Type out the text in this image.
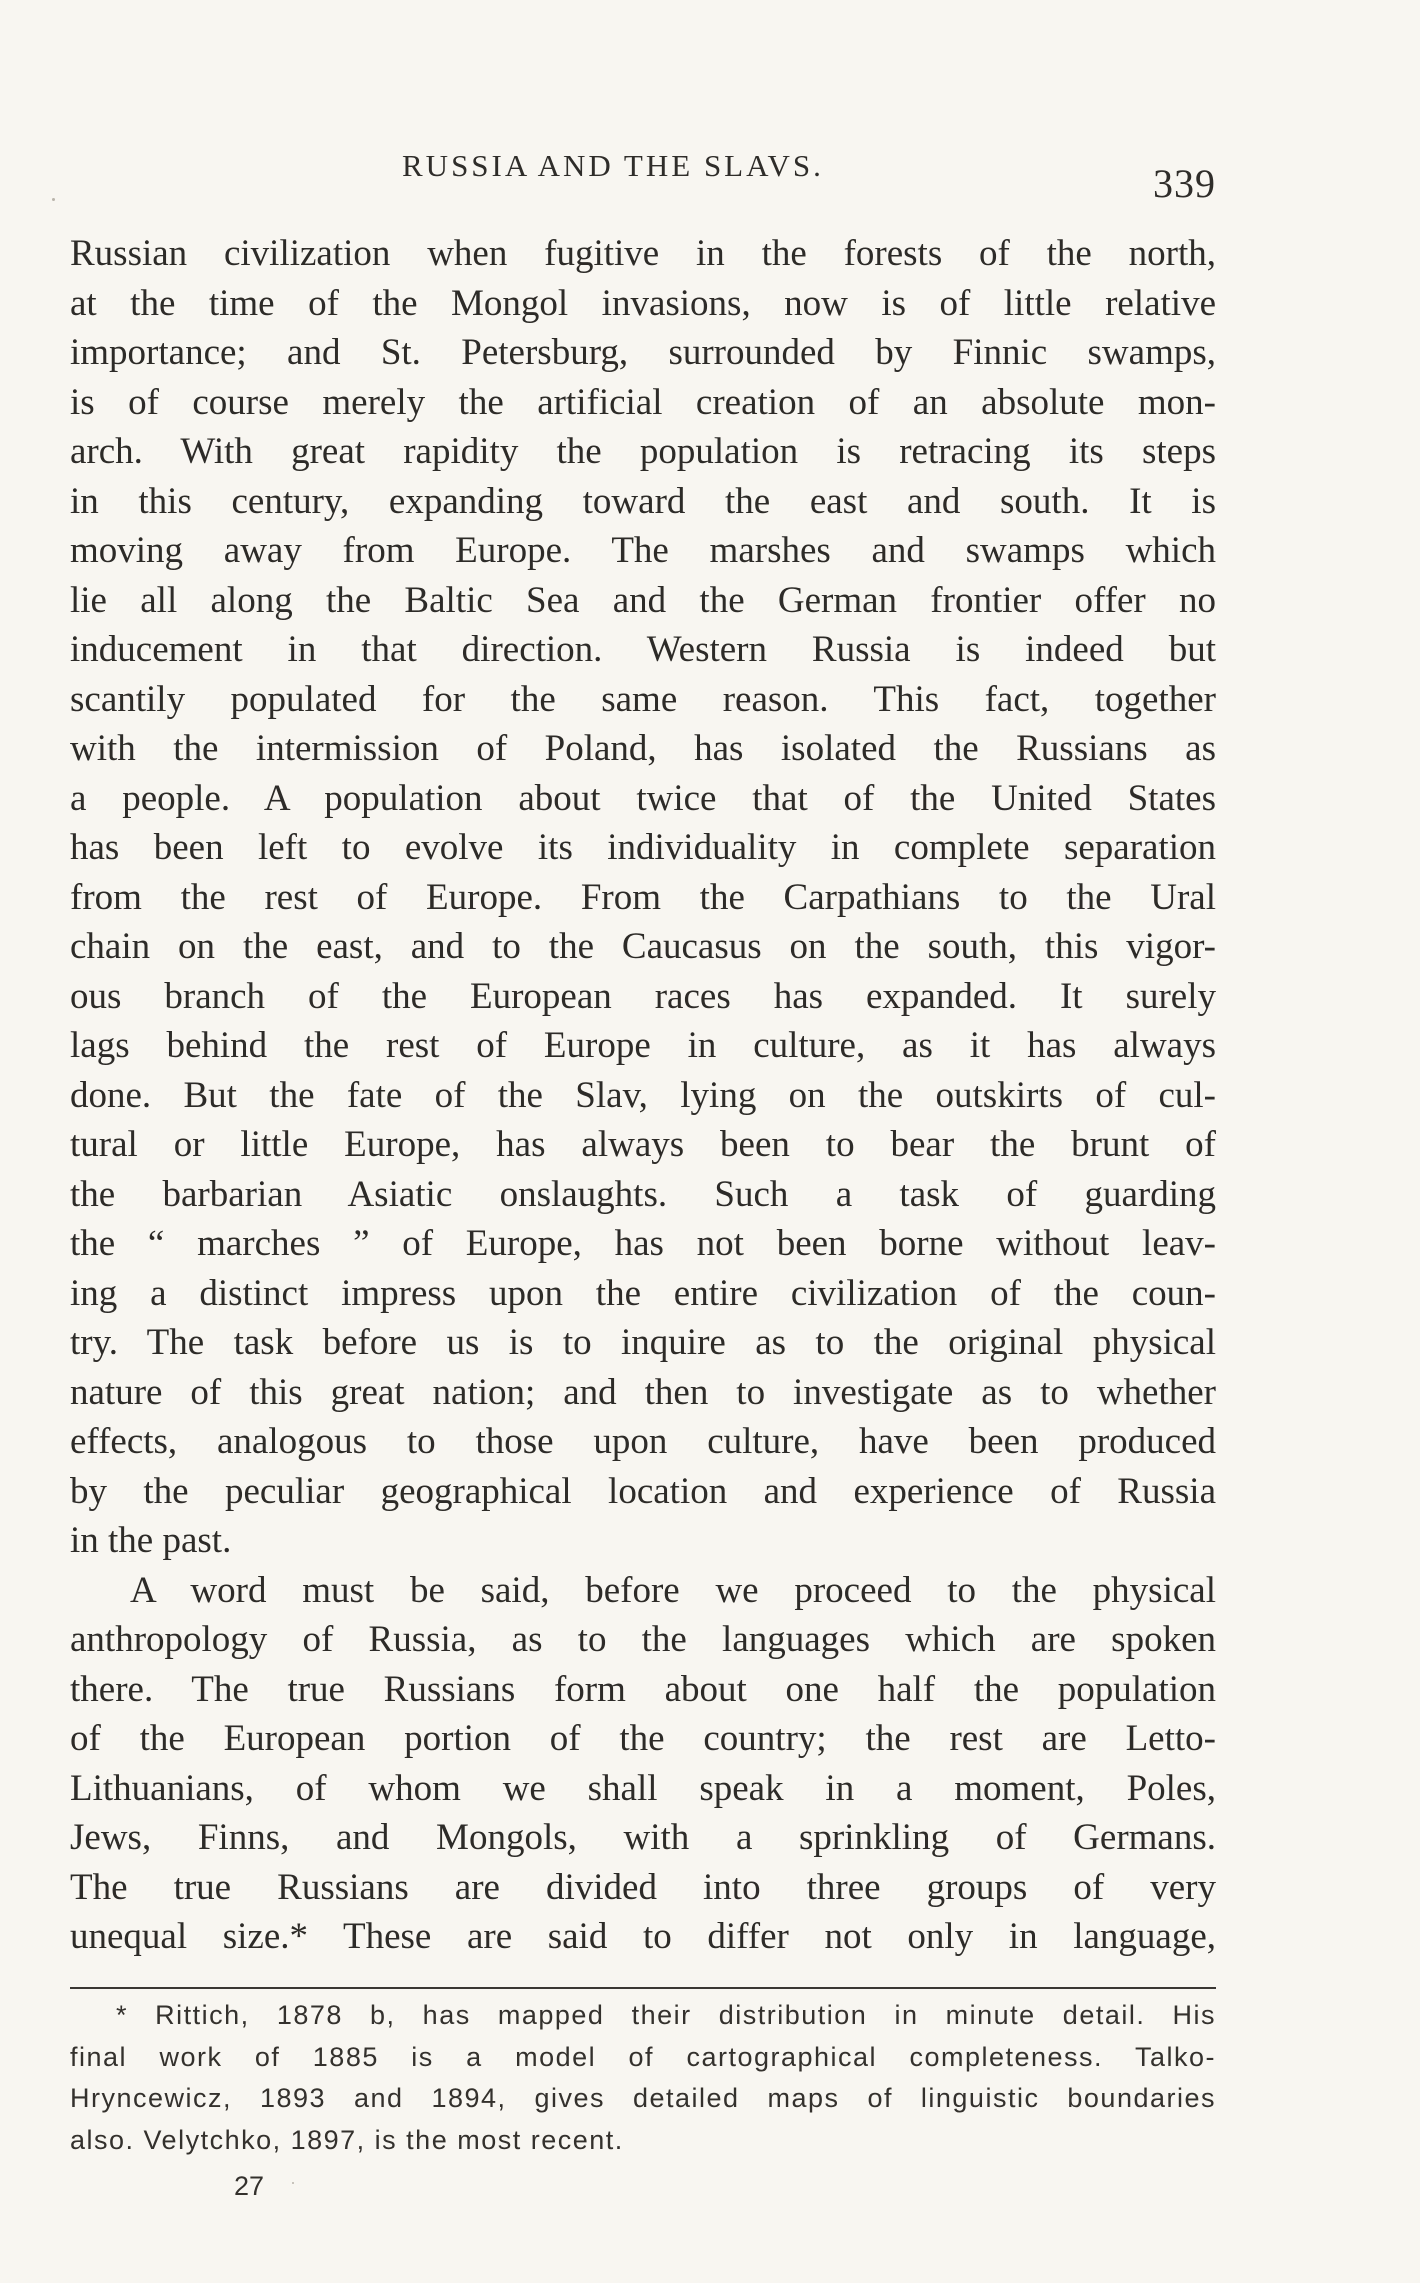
RUSSIA AND THE SLAVS.	339
Russian civilization when fugitive in the forests of the north,
at the time of the Mongol invasions, now is of little relative
importance; and St. Petersburg, surrounded by Finnic swamps,
is of course merely the artificial creation of an absolute mon-
arch. With great rapidity the population is retracing its steps
in this century, expanding toward the east and south. It is
moving away from Europe. The marshes and swamps which
lie all along the Baltic Sea and the German frontier offer no
inducement in that direction. Western Russia is indeed but
scantily populated for the same reason. This fact, together
with the intermission of Poland, has isolated the Russians as
a people. A population about twice that of the United States
has been left to evolve its individuality in complete separation
from the rest of Europe. From the Carpathians to the Ural
chain on the east, and to the Caucasus on the south, this vigor-
ous branch of the European races has expanded. It surely
lags behind the rest of Europe in culture, as it has always
done. But the fate of the Slav, lying on the outskirts of cul-
tural or little Europe, has always been to bear the brunt of
the barbarian Asiatic onslaughts. Such a task of guarding
the “ marches ” of Europe, has not been borne without leav-
ing a distinct impress upon the entire civilization of the coun-
try. The task before us is to inquire as to the original physical
nature of this great nation; and then to investigate as to whether
effects, analogous to those upon culture, have been produced
by the peculiar geographical location and experience of Russia
in the past.
A word must be said, before we proceed to the physical
anthropology of Russia, as to the languages which are spoken
there. The true Russians form about one half the population
of the European portion of the country; the rest are Letto-
Lithuanians, of whom we shall speak in a moment, Poles,
Jews, Finns, and Mongols, with a sprinkling of Germans.
The true Russians are divided into three groups of very
unequal size.* These are said to differ not only in language,
* Rittich, 1878 b, has mapped their distribution in minute detail. His
final work of 1885 is a model of cartographical completeness. Talko-
Hryncewicz, 1893 and 1894, gives detailed maps of linguistic boundaries
also. Velytchko, 1897, is the most recent.
27
